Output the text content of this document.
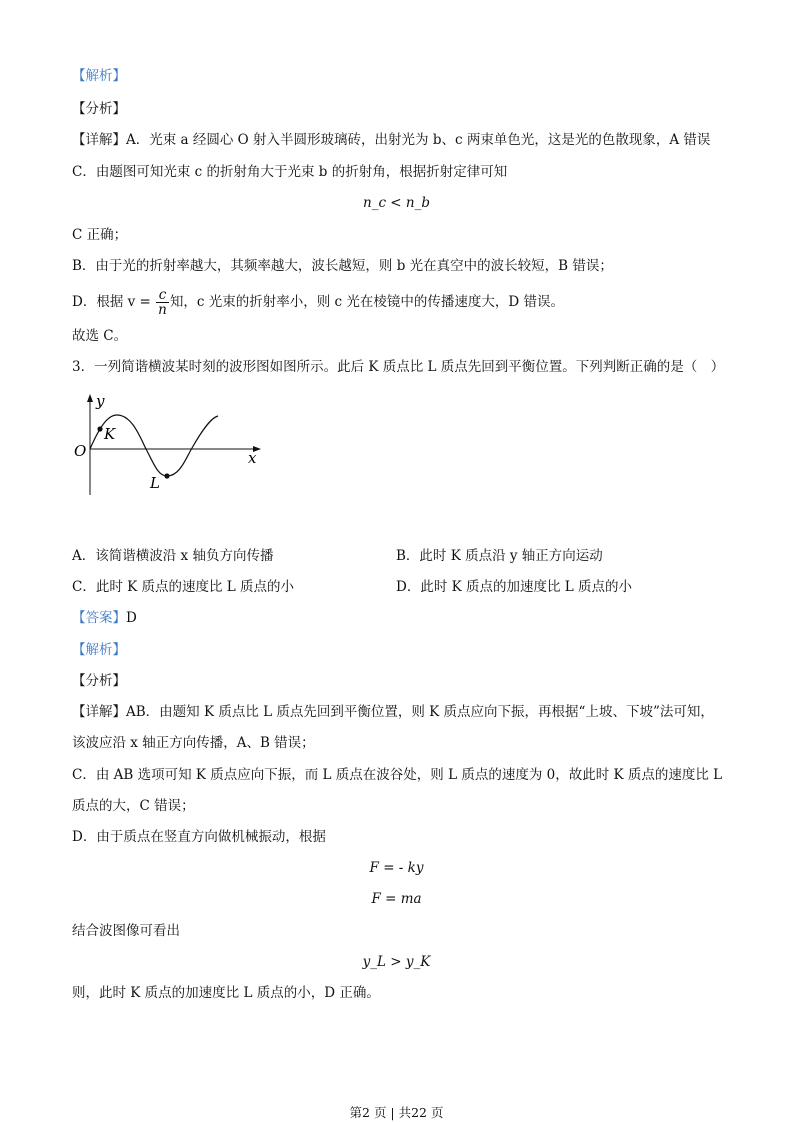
【解析】
【分析】
【详解】A．光束 a 经圆心 O 射入半圆形玻璃砖，出射光为 b、c 两束单色光，这是光的色散现象，A 错误
C．由题图可知光束 c 的折射角大于光束 b 的折射角，根据折射定律可知
n_c < n_b
C 正确；
B．由于光的折射率越大，其频率越大，波长越短，则 b 光在真空中的波长较短，B 错误；
D．根据 $v = \frac{c}{n}$ 知，c 光束的折射率小，则 c 光在棱镜中的传播速度大，D 错误。
故选 C。
3．一列简谐横波某时刻的波形图如图所示。此后 K 质点比 L 质点先回到平衡位置。下列判断正确的是（　）
y
x
O
K
L
A．该简谐横波沿 x 轴负方向传播	B．此时 K 质点沿 y 轴正方向运动
C．此时 K 质点的速度比 L 质点的小	D．此时 K 质点的加速度比 L 质点的小
【答案】D
【解析】
【分析】
【详解】AB．由题知 K 质点比 L 质点先回到平衡位置，则 K 质点应向下振，再根据“上坡、下坡”法可知，
该波应沿 x 轴正方向传播，A、B 错误；
C．由 AB 选项可知 K 质点应向下振，而 L 质点在波谷处，则 L 质点的速度为 0，故此时 K 质点的速度比 L
质点的大，C 错误；
D．由于质点在竖直方向做机械振动，根据
F = - ky
F = ma
结合波图像可看出
y_L > y_K
则，此时 K 质点的加速度比 L 质点的小，D 正确。
第2 页 | 共22 页
